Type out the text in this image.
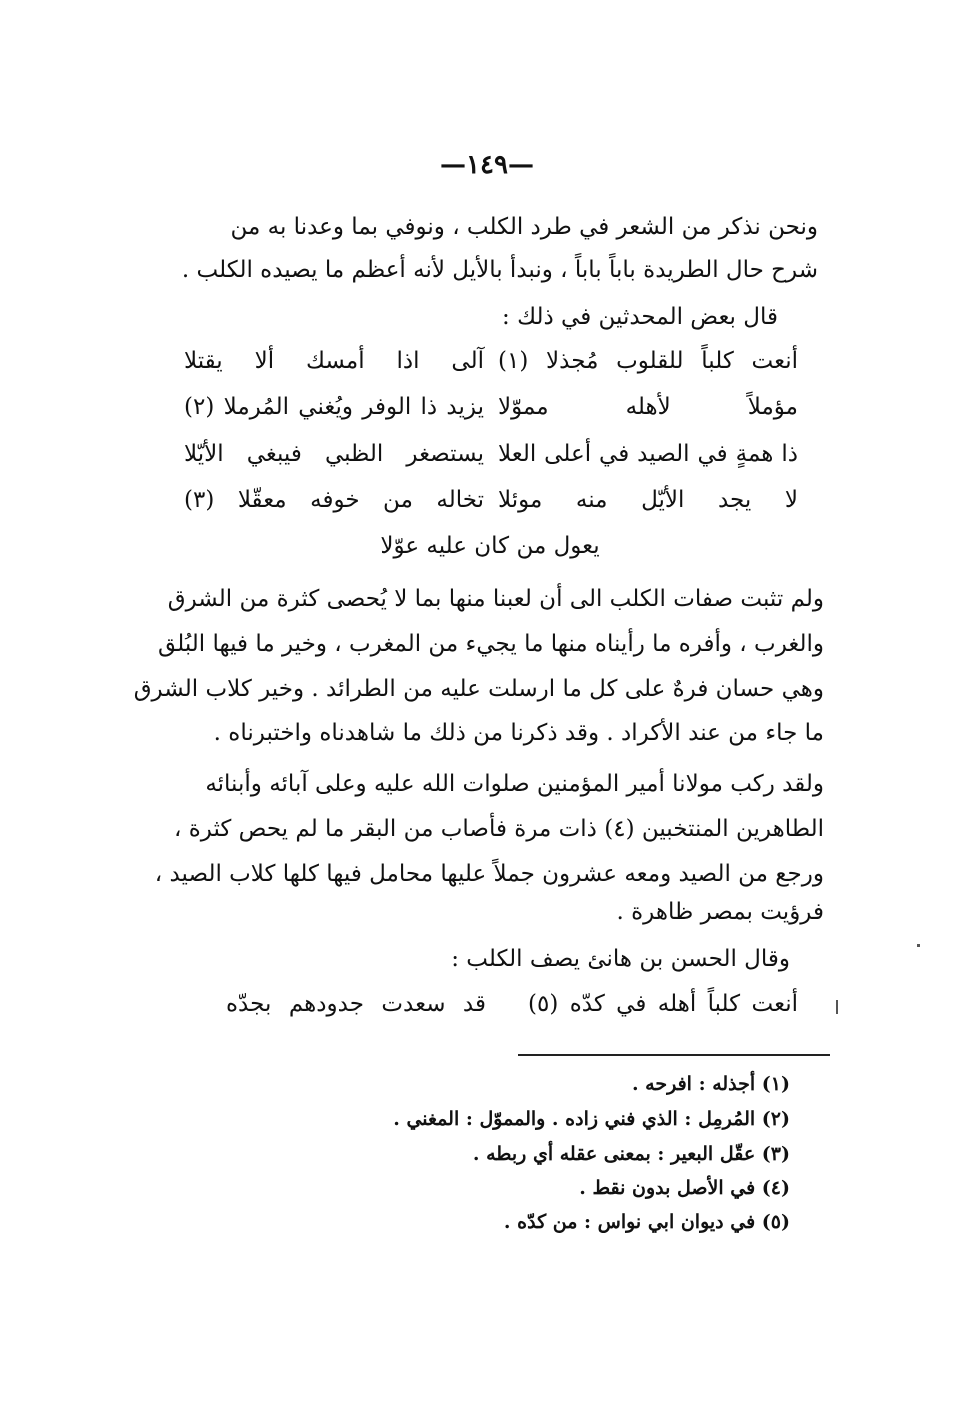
—١٤٩—
ونحن نذكر من الشعر في طرد الكلب ، ونوفي بما وعدنا به من
شرح حال الطريدة باباً باباً ، ونبدأ بالأيل لأنه أعظم ما يصيده الكلب .
قال بعض المحدثين في ذلك :
أنعت كلباً للقلوب مُجذلا (١)
آلى اذا أمسك ألا يقتلا
مؤملاً لأهله مموّلا
يزيد ذا الوفر ويُغني المُرملا (٢)
ذا همةٍ في الصيد في أعلى العلا
يستصغر الظبي فيبغي الأيّلا
لا يجد الأيّل منه موئلا
تخاله من خوفه معقّلا (٣)
يعول من كان عليه عوّلا
ولم تثبت صفات الكلب الى أن لعبنا منها بما لا يُحصى كثرة من الشرق
والغرب ، وأفره ما رأيناه منها ما يجيء من المغرب ، وخير ما فيها البُلق
وهي حسان فرهٌ على كل ما ارسلت عليه من الطرائد . وخير كلاب الشرق
ما جاء من عند الأكراد . وقد ذكرنا من ذلك ما شاهدناه واختبرناه .
ولقد ركب مولانا أمير المؤمنين صلوات الله عليه وعلى آبائه وأبنائه
الطاهرين المنتخبين (٤) ذات مرة فأصاب من البقر ما لم يحص كثرة ،
ورجع من الصيد ومعه عشرون جملاً عليها محامل فيها كلها كلاب الصيد ،
فرؤيت بمصر ظاهرة .
وقال الحسن بن هانئ يصف الكلب :
أنعت كلباً أهله في كدّه (٥)
قد سعدت جدودهم بجدّه
(١) أجذله : افرحه .
(٢) المُرمِل : الذي فني زاده . والمموّل : المغني .
(٣) عقّل البعير : بمعنى عقله أي ربطه .
(٤) في الأصل بدون نقط .
(٥) في ديوان ابي نواس : من كدّه .
